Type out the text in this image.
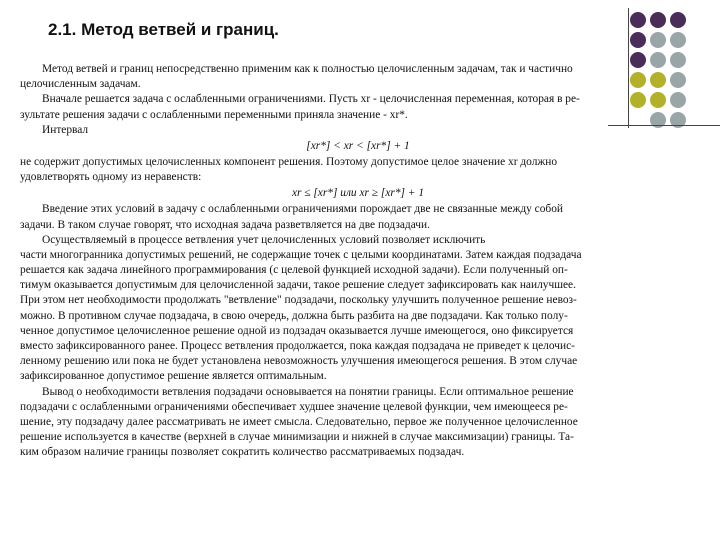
2.1. Метод ветвей и границ.
Метод ветвей и границ непосредственно применим как к полностью целочисленным задачам, так и частично
целочисленным задачам.
Вначале решается задача с ослабленными ограничениями. Пусть xr - целочисленная переменная, которая в ре-
зультате решения задачи с ослабленными переменными приняла значение - xr*.
Интервал
[xr*] < xr < [xr*] + 1
не содержит допустимых целочисленных компонент решения. Поэтому допустимое целое значение xr должно
удовлетворять одному из неравенств:
xr ≤ [xr*] или xr ≥ [xr*] + 1
Введение этих условий в задачу с ослабленными ограничениями порождает две не связанные между собой
задачи. В таком случае говорят, что исходная задача разветвляется на две подзадачи.
Осуществляемый в процессе ветвления учет целочисленных условий позволяет исключить
части многогранника допустимых решений, не содержащие точек с целыми координатами. Затем каждая подзадача
решается как задача линейного программирования (с целевой функцией исходной задачи). Если полученный оп-
тимум оказывается допустимым для целочисленной задачи, такое решение следует зафиксировать как наилучшее.
При этом нет необходимости продолжать "ветвление" подзадачи, поскольку улучшить полученное решение невоз-
можно. В противном случае подзадача, в свою очередь, должна быть разбита на две подзадачи. Как только полу-
ченное допустимое целочисленное решение одной из подзадач оказывается лучше имеющегося, оно фиксируется
вместо зафиксированного ранее. Процесс ветвления продолжается, пока каждая подзадача не приведет к целочис-
ленному решению или пока не будет установлена невозможность улучшения имеющегося решения. В этом случае
зафиксированное допустимое решение является оптимальным.
Вывод о необходимости ветвления подзадачи основывается на понятии границы. Если оптимальное решение
подзадачи с ослабленными ограничениями обеспечивает худшее значение целевой функции, чем имеющееся ре-
шение, эту подзадачу далее рассматривать не имеет смысла. Следовательно, первое же полученное целочисленное
решение используется в качестве (верхней в случае минимизации и нижней в случае максимизации) границы. Та-
ким образом наличие границы позволяет сократить количество рассматриваемых подзадач.
